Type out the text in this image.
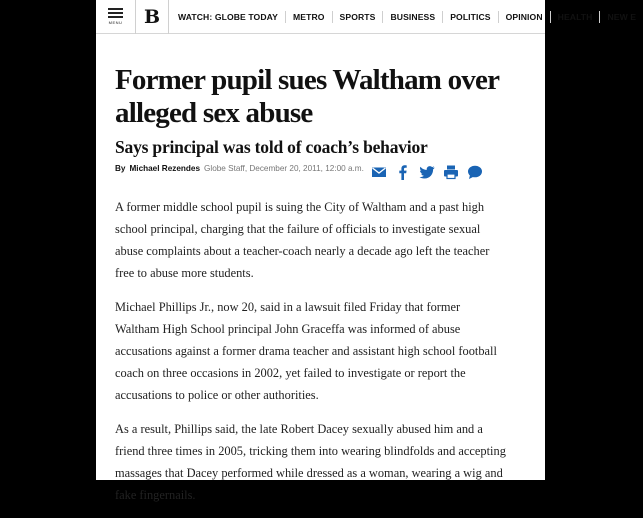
MENU	B	WATCH: GLOBE TODAY	METRO	SPORTS	BUSINESS	POLITICS	OPINION	HEALTH	NEW E
Former pupil sues Waltham over alleged sex abuse
Says principal was told of coach’s behavior
By Michael Rezendes Globe Staff, December 20, 2011, 12:00 a.m.

A former middle school pupil is suing the City of Waltham and a past high school principal, charging that the failure of officials to investigate sexual abuse complaints about a teacher-coach nearly a decade ago left the teacher free to abuse more students.

Michael Phillips Jr., now 20, said in a lawsuit filed Friday that former Waltham High School principal John Graceffa was informed of abuse accusations against a former drama teacher and assistant high school football coach on three occasions in 2002, yet failed to investigate or report the accusations to police or other authorities.

As a result, Phillips said, the late Robert Dacey sexually abused him and a friend three times in 2005, tricking them into wearing blindfolds and accepting massages that Dacey performed while dressed as a woman, wearing a wig and fake fingernails.
